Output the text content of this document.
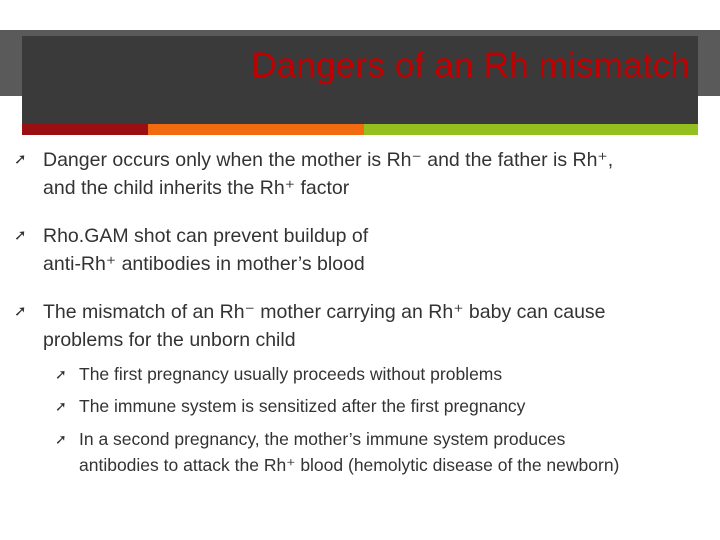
Dangers of an Rh mismatch
➚ Danger occurs only when the mother is Rh⁻ and the father is Rh⁺,
and the child inherits the Rh⁺ factor
➚ Rho.GAM shot can prevent buildup of
anti-Rh⁺ antibodies in mother’s blood
➚ The mismatch of an Rh⁻ mother carrying an Rh⁺ baby can cause
problems for the unborn child
➚ The first pregnancy usually proceeds without problems
➚ The immune system is sensitized after the first pregnancy
➚ In a second pregnancy, the mother’s immune system produces
antibodies to attack the Rh⁺ blood (hemolytic disease of the newborn)
